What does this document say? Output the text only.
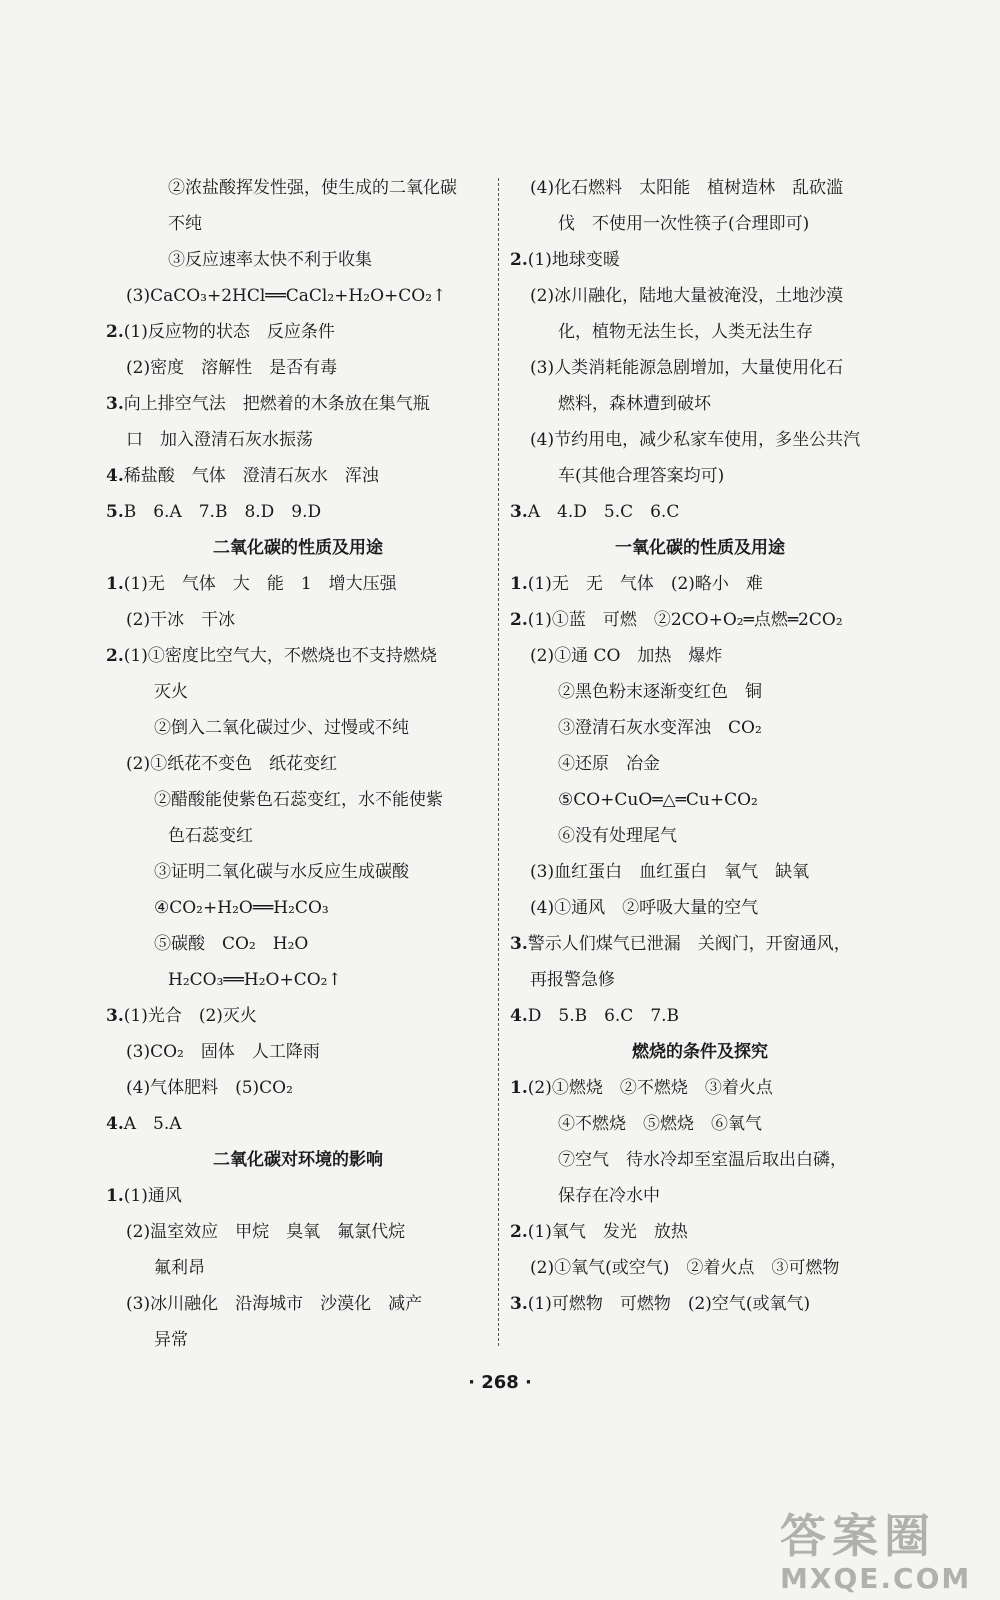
②浓盐酸挥发性强，使生成的二氧化碳
不纯
③反应速率太快不利于收集
(3)CaCO₃+2HCl══CaCl₂+H₂O+CO₂↑
2.(1)反应物的状态　反应条件
(2)密度　溶解性　是否有毒
3.向上排空气法　把燃着的木条放在集气瓶
口　加入澄清石灰水振荡
4.稀盐酸　气体　澄清石灰水　浑浊
5.B　6.A　7.B　8.D　9.D
二氧化碳的性质及用途
1.(1)无　气体　大　能　1　增大压强
(2)干冰　干冰
2.(1)①密度比空气大，不燃烧也不支持燃烧
灭火
②倒入二氧化碳过少、过慢或不纯
(2)①纸花不变色　纸花变红
②醋酸能使紫色石蕊变红，水不能使紫
色石蕊变红
③证明二氧化碳与水反应生成碳酸
④CO₂+H₂O══H₂CO₃
⑤碳酸　CO₂　H₂O
H₂CO₃══H₂O+CO₂↑
3.(1)光合　(2)灭火
(3)CO₂　固体　人工降雨
(4)气体肥料　(5)CO₂
4.A　5.A
二氧化碳对环境的影响
1.(1)通风
(2)温室效应　甲烷　臭氧　氟氯代烷
氟利昂
(3)冰川融化　沿海城市　沙漠化　减产
异常
(4)化石燃料　太阳能　植树造林　乱砍滥
伐　不使用一次性筷子(合理即可)
2.(1)地球变暖
(2)冰川融化，陆地大量被淹没，土地沙漠
化，植物无法生长，人类无法生存
(3)人类消耗能源急剧增加，大量使用化石
燃料，森林遭到破坏
(4)节约用电，减少私家车使用，多坐公共汽
车(其他合理答案均可)
3.A　4.D　5.C　6.C
一氧化碳的性质及用途
1.(1)无　无　气体　(2)略小　难
2.(1)①蓝　可燃　②2CO+O₂═点燃═2CO₂
(2)①通 CO　加热　爆炸
②黑色粉末逐渐变红色　铜
③澄清石灰水变浑浊　CO₂
④还原　冶金
⑤CO+CuO═△═Cu+CO₂
⑥没有处理尾气
(3)血红蛋白　血红蛋白　氧气　缺氧
(4)①通风　②呼吸大量的空气
3.警示人们煤气已泄漏　关阀门，开窗通风，
再报警急修
4.D　5.B　6.C　7.B
燃烧的条件及探究
1.(2)①燃烧　②不燃烧　③着火点
④不燃烧　⑤燃烧　⑥氧气
⑦空气　待水冷却至室温后取出白磷，
保存在冷水中
2.(1)氧气　发光　放热
(2)①氧气(或空气)　②着火点　③可燃物
3.(1)可燃物　可燃物　(2)空气(或氧气)
· 268 ·
答案圈
MXQE.COM
